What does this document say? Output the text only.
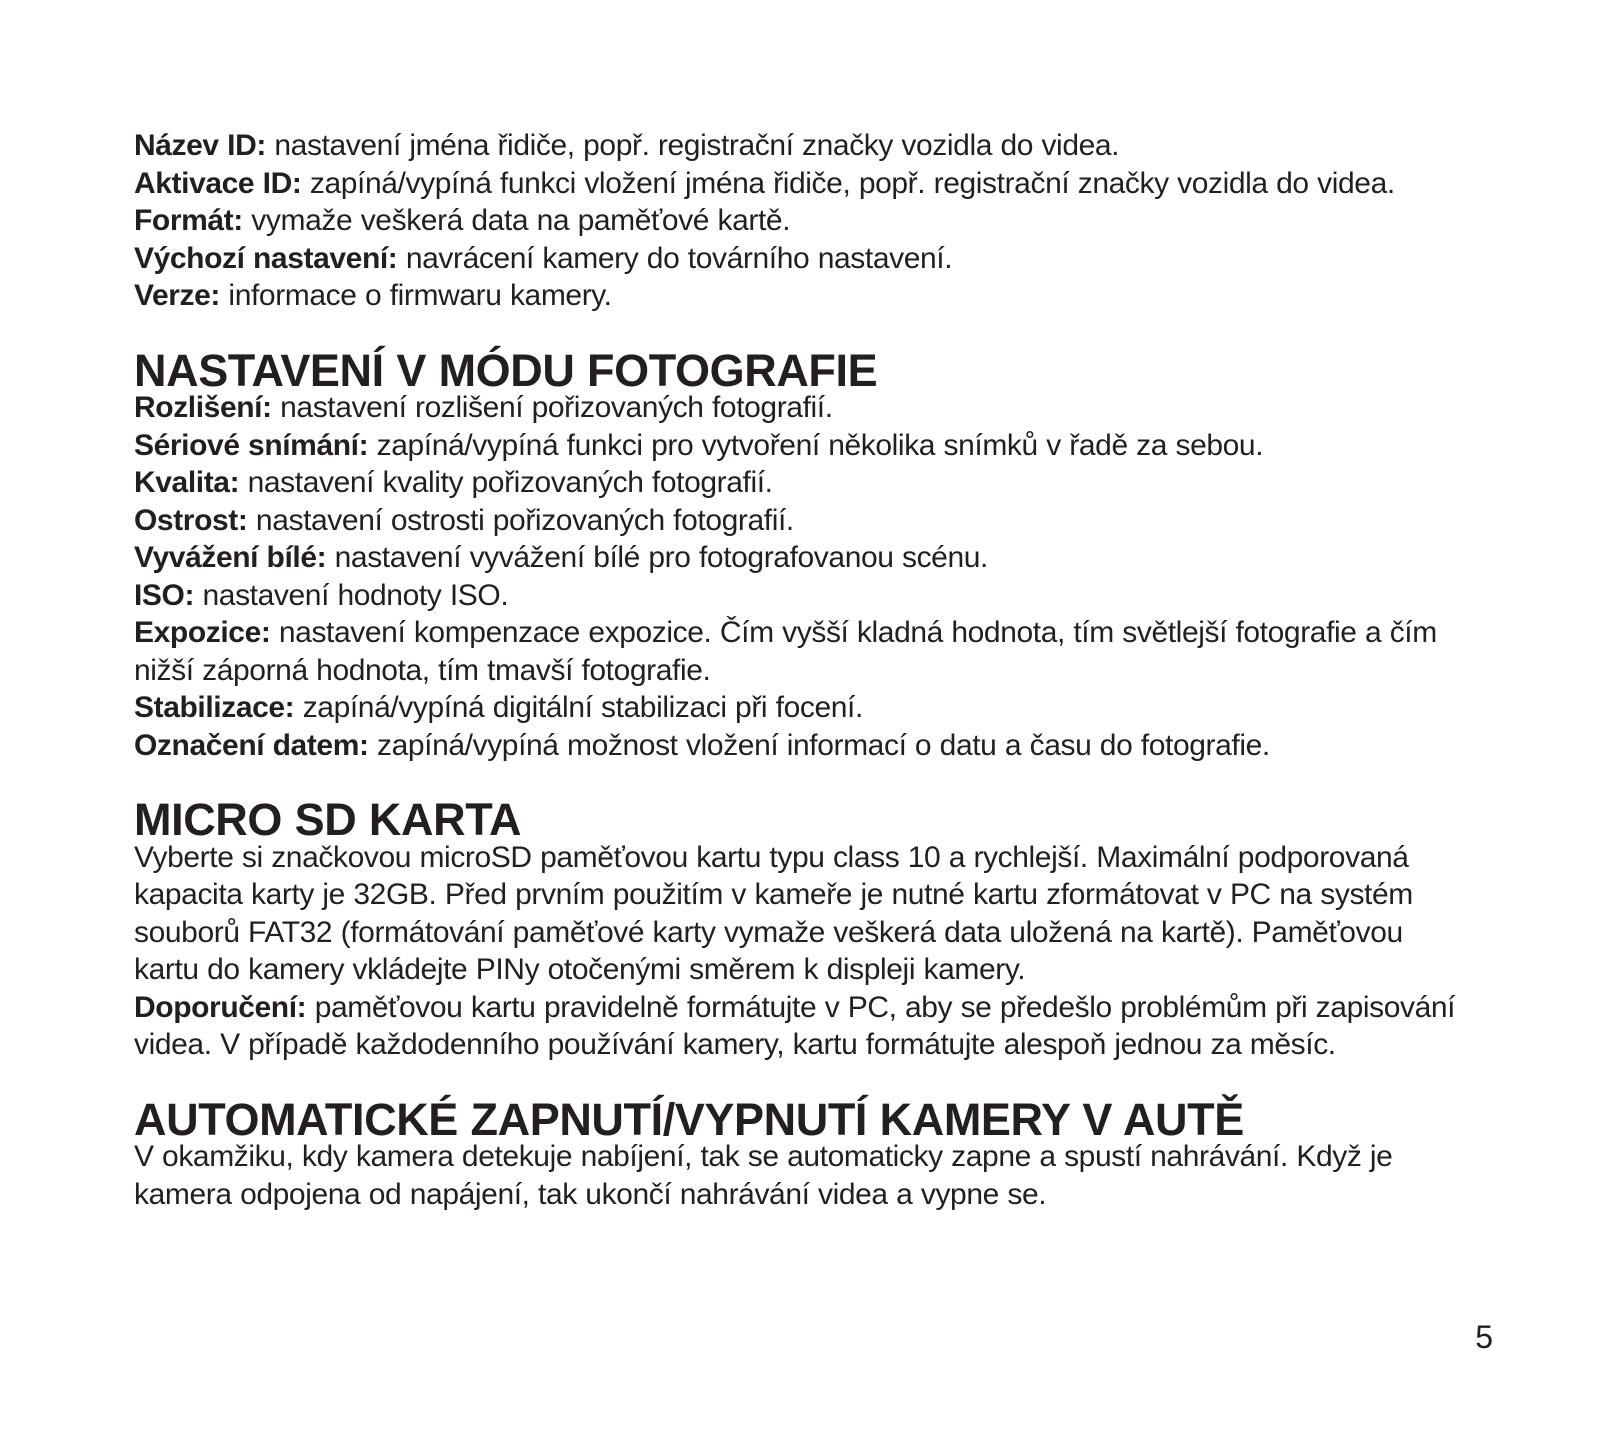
Název ID: nastavení jména řidiče, popř. registrační značky vozidla do videa.

Aktivace ID: zapíná/vypíná funkci vložení jména řidiče, popř. registrační značky vozidla do videa.

Formát: vymaže veškerá data na paměťové kartě.

Výchozí nastavení: navrácení kamery do továrního nastavení.

Verze: informace o firmwaru kamery.

NASTAVENÍ V MÓDU FOTOGRAFIE

Rozlišení: nastavení rozlišení pořizovaných fotografií.

Sériové snímání: zapíná/vypíná funkci pro vytvoření několika snímků v řadě za sebou.

Kvalita: nastavení kvality pořizovaných fotografií.

Ostrost: nastavení ostrosti pořizovaných fotografií.

Vyvážení bílé: nastavení vyvážení bílé pro fotografovanou scénu.

ISO: nastavení hodnoty ISO.

Expozice: nastavení kompenzace expozice. Čím vyšší kladná hodnota, tím světlejší fotografie a čím nižší záporná hodnota, tím tmavší fotografie.

Stabilizace: zapíná/vypíná digitální stabilizaci při focení.

Označení datem: zapíná/vypíná možnost vložení informací o datu a času do fotografie.

MICRO SD KARTA

Vyberte si značkovou microSD paměťovou kartu typu class 10 a rychlejší. Maximální podporovaná kapacita karty je 32GB. Před prvním použitím v kameře je nutné kartu zformátovat v PC na systém souborů FAT32 (formátování paměťové karty vymaže veškerá data uložená na kartě). Paměťovou kartu do kamery vkládejte PINy otočenými směrem k displeji kamery.

Doporučení: paměťovou kartu pravidelně formátujte v PC, aby se předešlo problémům při zapisování videa. V případě každodenního používání kamery, kartu formátujte alespoň jednou za měsíc.

AUTOMATICKÉ ZAPNUTÍ/VYPNUTÍ KAMERY V AUTĚ

V okamžiku, kdy kamera detekuje nabíjení, tak se automaticky zapne a spustí nahrávání. Když je kamera odpojena od napájení, tak ukončí nahrávání videa a vypne se.

5
